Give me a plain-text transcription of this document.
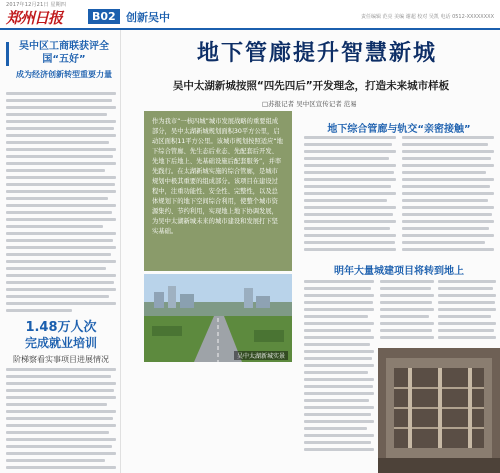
2017年12月21日 星期四
郑州日报	B02 创新吴中	责任编辑 范亮 美编 谢超 校对 吴凯 电话 0512-XXXXXXXX
吴中区工商联获评全国“五好”
成为经济创新转型重要力量
1.48万人次
完成就业培训
阶梯察看实事项目进展情况
地下管廊提升智慧新城
吴中太湖新城按照“四先四后”开发理念，打造未来城市样板
□苏报记者 吴中区宣传记者 范易
作为我市“一核四城”城市发展战略的重要组成部分，吴中太湖新城规划面积30平方公里，启动区面积11平方公里。该城市规划按照适应“地下综合管廊、先生态后业态、先配套后开发、先地下后地上、先基础设施后配套服务”，并率先践行。在太湖新城实施的综合管廊，是城市规划中极其重要的组成部分。该项目在建设过程中，注重功能性、安全性、完整性，以及总体规划下的地下空间综合利用，使整个城市资源集约、节约利用，实现地上地下协调发展，为吴中太湖新城未来的城市建设和发展打下坚实基础。
吴中太湖新城实景
地下综合管廊与轨交“亲密接触”
明年大量城建项目将转到地上
